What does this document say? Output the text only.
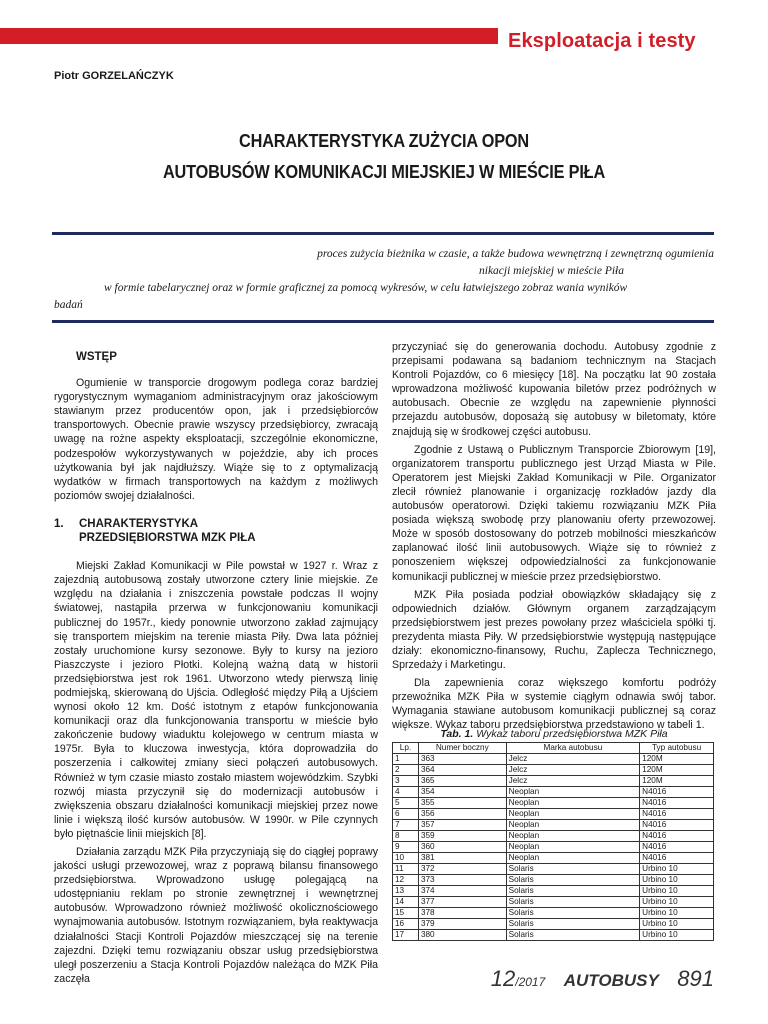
Eksploatacja i testy
Piotr GORZELAŃCZYK
CHARAKTERYSTYKA ZUŻYCIA OPON
AUTOBUSÓW KOMUNIKACJI MIEJSKIEJ W MIEŚCIE PIŁA

proces zużycia bieżnika w czasie, a także budowa wewnętrzną i zewnętrzną ogumienia

nikacji miejskiej w mieście Piła

w formie tabelarycznej oraz w formie graficznej za pomocą wykresów, w celu łatwiejszego zobraz wania wyników

badań

WSTĘP

Ogumienie w transporcie drogowym podlega coraz bardziej rygorystycznym wymaganiom administracyjnym oraz jakościowym stawianym przez producentów opon, jak i przedsiębiorców transportowych. Obecnie prawie wszyscy przedsiębiorcy, zwracają uwagę na rożne aspekty eksploatacji, szczególnie ekonomiczne, podzespołów wykorzystywanych w pojeździe, aby ich proces użytkowania był jak najdłuższy. Wiąże się to z optymalizacją wydatków w firmach transportowych na każdym z możliwych poziomów swojej działalności.

1.	CHARAKTERYSTYKA PRZEDSIĘBIORSTWA MZK PIŁA

Miejski Zakład Komunikacji w Pile powstał w 1927 r. Wraz z zajezdnią autobusową zostały utworzone cztery linie miejskie. Ze względu na działania i zniszczenia powstałe podczas II wojny światowej, nastąpiła przerwa w funkcjonowaniu komunikacji publicznej do 1957r., kiedy ponownie utworzono zakład zajmujący się transportem miejskim na terenie miasta Piły. Dwa lata później zostały uruchomione kursy sezonowe. Były to kursy na jezioro Piaszczyste i jezioro Płotki. Kolejną ważną datą w historii przedsiębiorstwa jest rok 1961. Utworzono wtedy pierwszą linię podmiejską, skierowaną do Ujścia. Odległość między Piłą a Ujściem wynosi około 12 km. Dość istotnym z etapów funkcjonowania komunikacji oraz dla funkcjonowania transportu w mieście było zakończenie budowy wiaduktu kolejowego w centrum miasta w 1975r. Była to kluczowa inwestycja, która doprowadziła do poszerzenia i całkowitej zmiany sieci połączeń autobusowych. Również w tym czasie miasto zostało miastem wojewódzkim. Szybki rozwój miasta przyczynił się do modernizacji autobusów i zwiększenia obszaru działalności komunikacji miejskiej przez nowe linie i większą ilość kursów autobusów. W 1990r. w Pile czynnych było piętnaście linii miejskich [8].

Działania zarządu MZK Piła przyczyniają się do ciągłej poprawy jakości usługi przewozowej, wraz z poprawą bilansu finansowego przedsiębiorstwa. Wprowadzono usługę polegającą na udostępnianiu reklam po stronie zewnętrznej i wewnętrznej autobusów. Wprowadzono również możliwość okolicznościowego wynajmowania autobusów. Istotnym rozwiązaniem, była reaktywacja działalności Stacji Kontroli Pojazdów mieszczącej się na terenie zajezdni. Dzięki temu rozwiązaniu obszar usług przedsiębiorstwa uległ poszerzeniu a Stacja Kontroli Pojazdów należąca do MZK Piła zaczęła

przyczyniać się do generowania dochodu. Autobusy zgodnie z przepisami podawana są badaniom technicznym na Stacjach Kontroli Pojazdów, co 6 miesięcy [18]. Na początku lat 90 została wprowadzona możliwość kupowania biletów przez podróżnych w autobusach. Obecnie ze względu na zapewnienie płynności przejazdu autobusów, doposażą się autobusy w biletomaty, które znajdują się w środkowej części autobusu.

Zgodnie z Ustawą o Publicznym Transporcie Zbiorowym [19], organizatorem transportu publicznego jest Urząd Miasta w Pile. Operatorem jest Miejski Zakład Komunikacji w Pile. Organizator zlecił również planowanie i organizację rozkładów jazdy dla autobusów operatorowi. Dzięki takiemu rozwiązaniu MZK Piła posiada większą swobodę przy planowaniu oferty przewozowej. Może w sposób dostosowany do potrzeb mobilności mieszkańców zaplanować ilość linii autobusowych. Wiąże się to również z ponoszeniem większej odpowiedzialności za funkcjonowanie komunikacji publicznej w mieście przez przedsiębiorstwo.

MZK Piła posiada podział obowiązków składający się z odpowiednich działów. Głównym organem zarządzającym przedsiębiorstwem jest prezes powołany przez właściciela spółki tj. prezydenta miasta Piły. W przedsiębiorstwie występują następujące działy: ekonomiczno-finansowy, Ruchu, Zaplecza Technicznego, Sprzedaży i Marketingu.

Dla zapewnienia coraz większego komfortu podróży przewoźnika MZK Piła w systemie ciągłym odnawia swój tabor. Wymagania stawiane autobusom komunikacji publicznej są coraz większe. Wykaz taboru przedsiębiorstwa przedstawiono w tabeli 1.

Tab. 1. Wykaz taboru przedsiębiorstwa MZK Piła
Lp.	Numer boczny	Marka autobusu	Typ autobusu
1	363	Jelcz	120M
2	364	Jelcz	120M
3	365	Jelcz	120M
4	354	Neoplan	N4016
5	355	Neoplan	N4016
6	356	Neoplan	N4016
7	357	Neoplan	N4016
8	359	Neoplan	N4016
9	360	Neoplan	N4016
10	381	Neoplan	N4016
11	372	Solaris	Urbino 10
12	373	Solaris	Urbino 10
13	374	Solaris	Urbino 10
14	377	Solaris	Urbino 10
15	378	Solaris	Urbino 10
16	379	Solaris	Urbino 10
17	380	Solaris	Urbino 10
12/2017 AUTOBUSY 891
